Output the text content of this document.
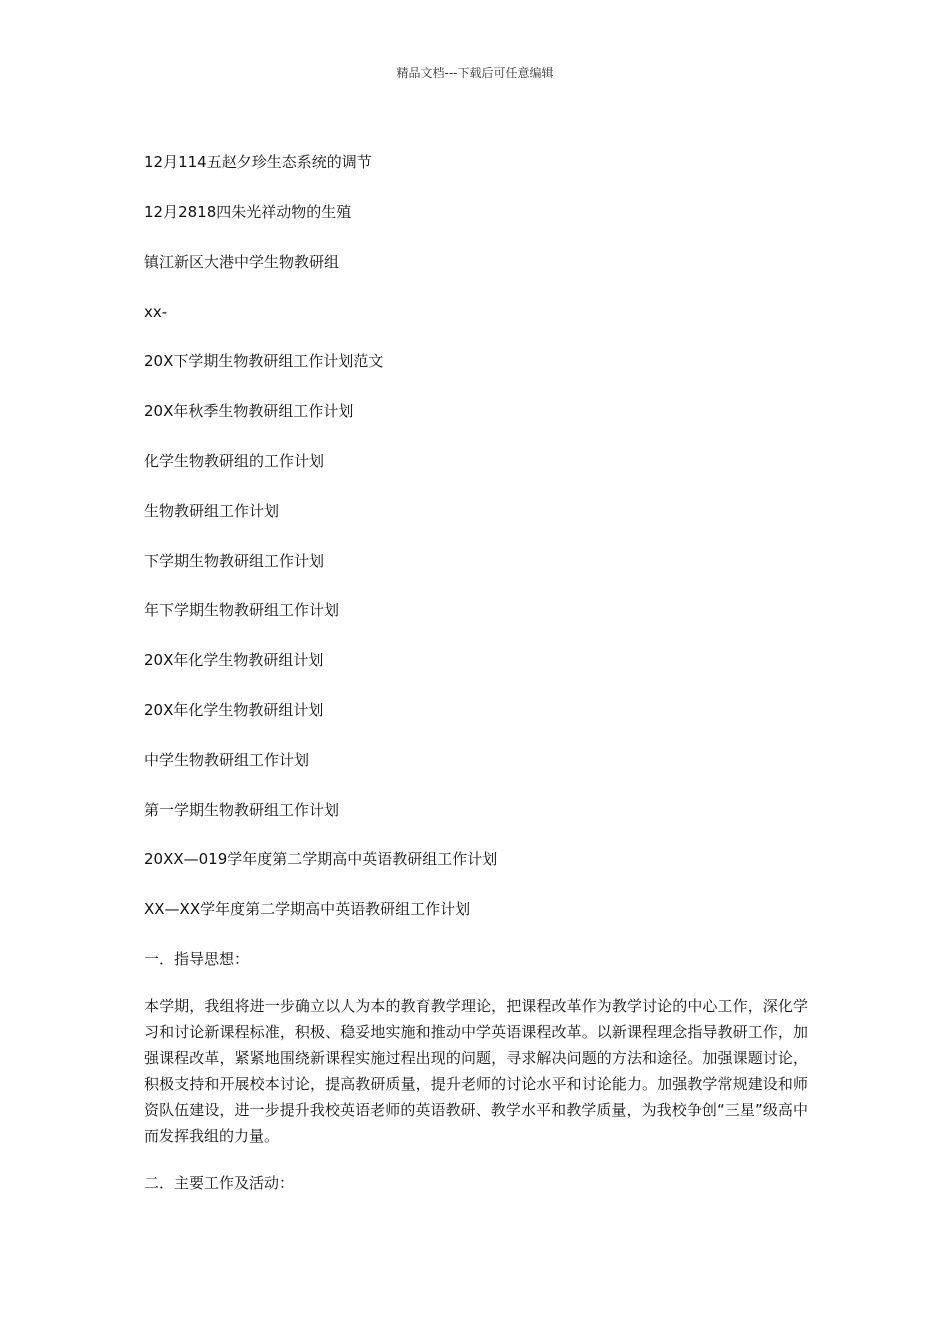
精品文档---下载后可任意编辑
12月114五赵夕珍生态系统的调节
12月2818四朱光祥动物的生殖
镇江新区大港中学生物教研组
xx-
20X下学期生物教研组工作计划范文
20X年秋季生物教研组工作计划
化学生物教研组的工作计划
生物教研组工作计划
下学期生物教研组工作计划
年下学期生物教研组工作计划
20X年化学生物教研组计划
20X年化学生物教研组计划
中学生物教研组工作计划
第一学期生物教研组工作计划
20XX—019学年度第二学期高中英语教研组工作计划
XX—XX学年度第二学期高中英语教研组工作计划
一．指导思想：
本学期，我组将进一步确立以人为本的教育教学理论，把课程改革作为教学讨论的中心工作，深化学习和讨论新课程标准，积极、稳妥地实施和推动中学英语课程改革。以新课程理念指导教研工作，加强课程改革，紧紧地围绕新课程实施过程出现的问题，寻求解决问题的方法和途径。加强课题讨论，积极支持和开展校本讨论，提高教研质量，提升老师的讨论水平和讨论能力。加强教学常规建设和师资队伍建设，进一步提升我校英语老师的英语教研、教学水平和教学质量，为我校争创“三星”级高中而发挥我组的力量。
二．主要工作及活动：
